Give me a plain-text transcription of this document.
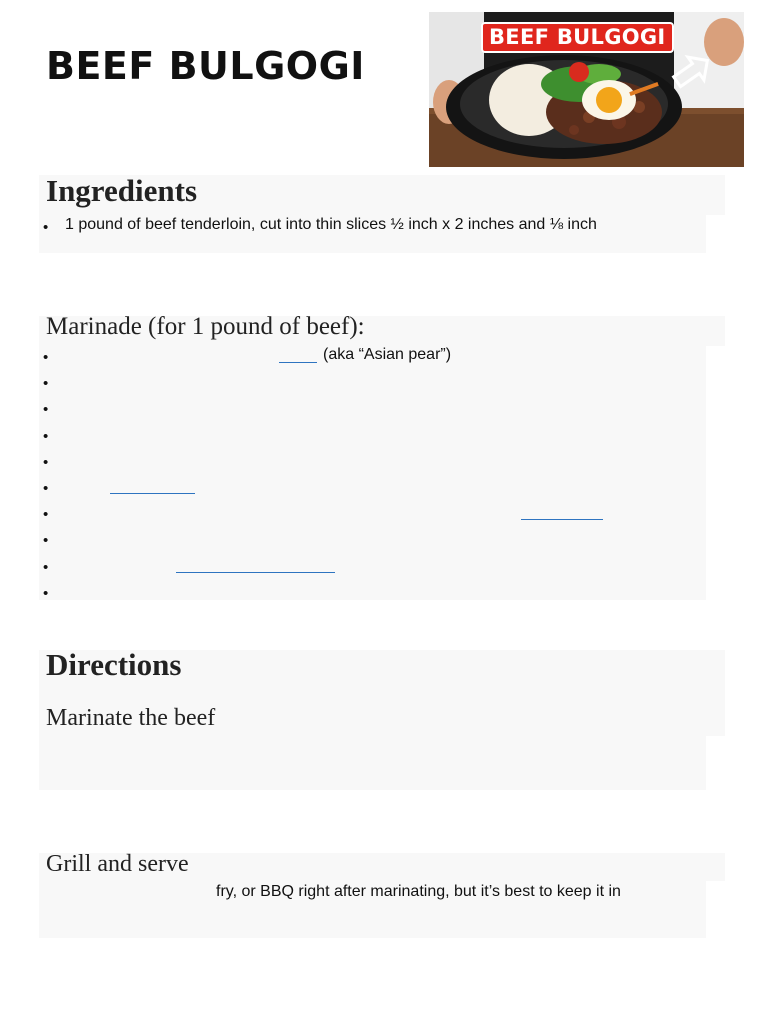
BEEF BULGOGI
BEEF BULGOGI
Ingredients
• 1 pound of beef tenderloin, cut into thin slices ½ inch x 2 inches and ⅛ inch
Marinade (for 1 pound of beef):
•	(aka “Asian pear”)
•
•
•
•
•
•
•
•
•
Directions
Marinate the beef
Grill and serve
fry, or BBQ right after marinating, but it’s best to keep it in
